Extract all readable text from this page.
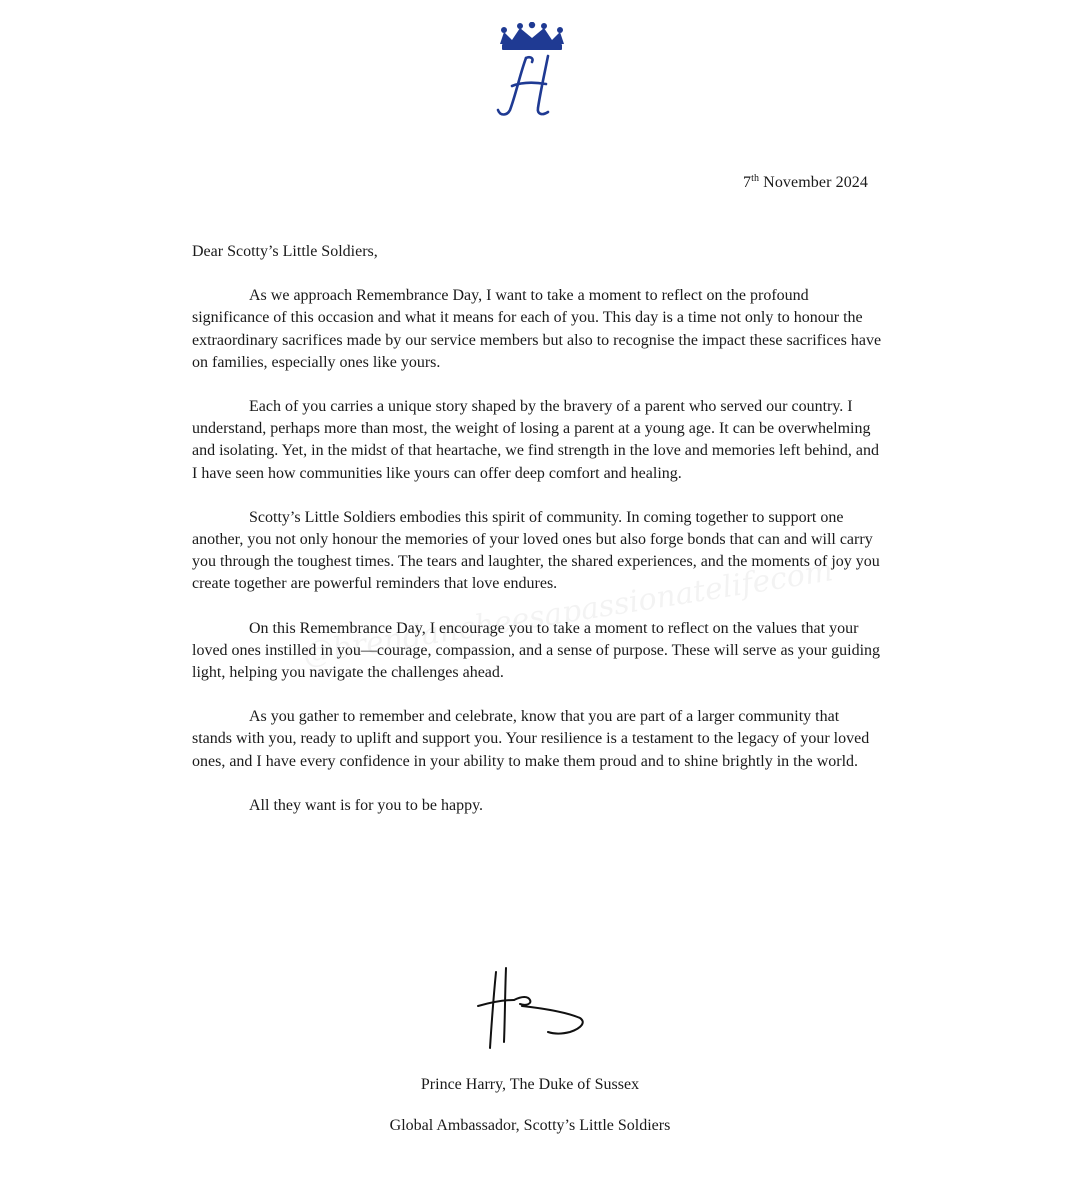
7th November 2024

Dear Scotty’s Little Soldiers,

As we approach Remembrance Day, I want to take a moment to reflect on the profound significance of this occasion and what it means for each of you. This day is a time not only to honour the extraordinary sacrifices made by our service members but also to recognise the impact these sacrifices have on families, especially ones like yours.

Each of you carries a unique story shaped by the bravery of a parent who served our country. I understand, perhaps more than most, the weight of losing a parent at a young age. It can be overwhelming and isolating. Yet, in the midst of that heartache, we find strength in the love and memories left behind, and I have seen how communities like yours can offer deep comfort and healing.

Scotty’s Little Soldiers embodies this spirit of community. In coming together to support one another, you not only honour the memories of your loved ones but also forge bonds that can and will carry you through the toughest times. The tears and laughter, the shared experiences, and the moments of joy you create together are powerful reminders that love endures.

On this Remembrance Day, I encourage you to take a moment to reflect on the values that your loved ones instilled in you—courage, compassion, and a sense of purpose. These will serve as your guiding light, helping you navigate the challenges ahead.

As you gather to remember and celebrate, know that you are part of a larger community that stands with you, ready to uplift and support you. Your resilience is a testament to the legacy of your loved ones, and I have every confidence in your ability to make them proud and to shine brightly in the world.

All they want is for you to be happy.

Prince Harry, The Duke of Sussex
Global Ambassador, Scotty’s Little Soldiers
